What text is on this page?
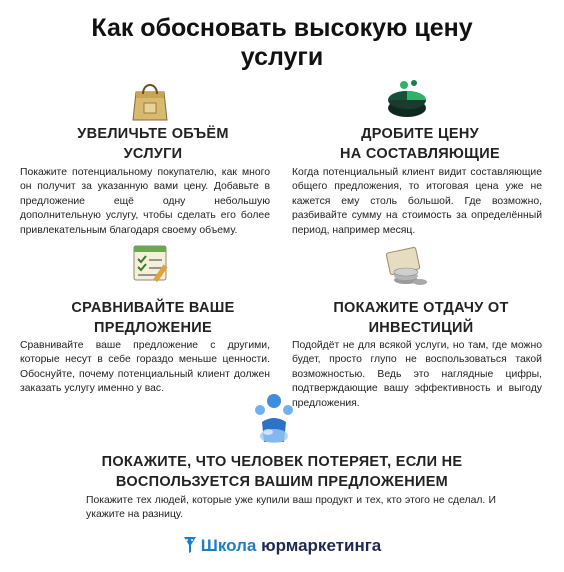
Как обосновать высокую цену
услуги
УВЕЛИЧЬТЕ ОБЪЁМ
УСЛУГИ
Покажите потенциальному покупателю, как много он получит за указанную вами цену. Добавьте в предложение ещё одну небольшую дополнительную услугу, чтобы сделать его более привлекательным благодаря своему объему.
ДРОБИТЕ ЦЕНУ
НА СОСТАВЛЯЮЩИЕ
Когда потенциальный клиент видит составляющие общего предложения, то итоговая цена уже не кажется ему столь большой. Где возможно, разбивайте сумму на стоимость за определённый период, например месяц.
СРАВНИВАЙТЕ ВАШЕ
ПРЕДЛОЖЕНИЕ
Сравнивайте ваше предложение с другими, которые несут в себе гораздо меньше ценности. Обоснуйте, почему потенциальный клиент должен заказать услугу именно у вас.
ПОКАЖИТЕ ОТДАЧУ ОТ
ИНВЕСТИЦИЙ
Подойдёт не для всякой услуги, но там, где можно будет, просто глупо не воспользоваться такой возможностью. Ведь это наглядные цифры, подтверждающие вашу эффективность и выгоду предложения.
ПОКАЖИТЕ, ЧТО ЧЕЛОВЕК ПОТЕРЯЕТ, ЕСЛИ НЕ
ВОСПОЛЬЗУЕТСЯ ВАШИМ ПРЕДЛОЖЕНИЕМ
Покажите тех людей, которые уже купили ваш продукт и тех, кто этого не сделал. И укажите на разницу.
Школа юрмаркетинга
